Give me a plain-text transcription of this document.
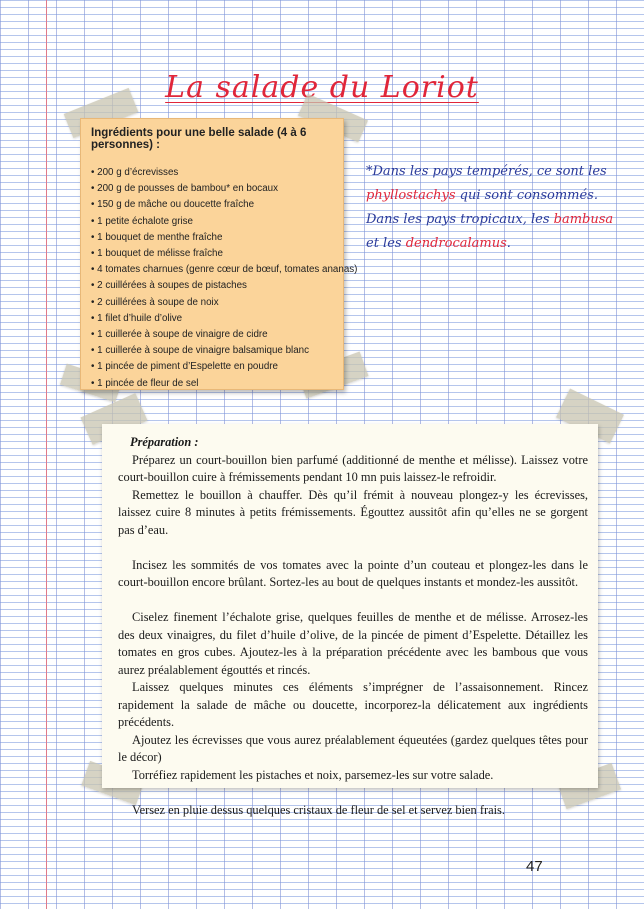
La salade du Loriot
Ingrédients pour une belle salade (4 à 6 personnes) :
• 200 g d’écrevisses
• 200 g de pousses de bambou* en bocaux
• 150 g de mâche ou doucette fraîche
• 1 petite échalote grise
• 1 bouquet de menthe fraîche
• 1 bouquet de mélisse fraîche
• 4 tomates charnues (genre cœur de bœuf, tomates ananas)
• 2 cuillérées à soupes de pistaches
• 2 cuillérées à soupe de noix
• 1 filet d’huile d’olive
• 1 cuillerée à soupe de vinaigre de cidre
• 1 cuillerée à soupe de vinaigre balsamique blanc
• 1 pincée de piment d’Espelette en poudre
• 1 pincée de fleur de sel
*Dans les pays tempérés, ce sont les
phyllostachys qui sont consommés.
Dans les pays tropicaux, les bambusa
et les dendrocalamus.
Préparation :

Préparez un court-bouillon bien parfumé (additionné de menthe et mélisse). Laissez votre court-bouillon cuire à frémissements pendant 10 mn puis laissez-le refroidir.

Remettez le bouillon à chauffer. Dès qu’il frémit à nouveau plongez-y les écrevisses, laissez cuire 8 minutes à petits frémissements. Égouttez aussitôt afin qu’elles ne se gorgent pas d’eau.

Incisez les sommités de vos tomates avec la pointe d’un couteau et plongez-les dans le court-bouillon encore brûlant. Sortez-les au bout de quelques instants et mondez-les aussitôt.

Ciselez finement l’échalote grise, quelques feuilles de menthe et de mélisse. Arrosez-les des deux vinaigres, du filet d’huile d’olive, de la pincée de piment d’Espelette. Détaillez les tomates en gros cubes. Ajoutez-les à la préparation précédente avec les bambous que vous aurez préalablement égouttés et rincés.

Laissez quelques minutes ces éléments s’imprégner de l’assaisonnement. Rincez rapidement la salade de mâche ou doucette, incorporez-la délicatement aux ingrédients précédents.

Ajoutez les écrevisses que vous aurez préalablement équeutées (gardez quelques têtes pour le décor)

Torréfiez rapidement les pistaches et noix, parsemez-les sur votre salade.

Versez en pluie dessus quelques cristaux de fleur de sel et servez bien frais.

47
